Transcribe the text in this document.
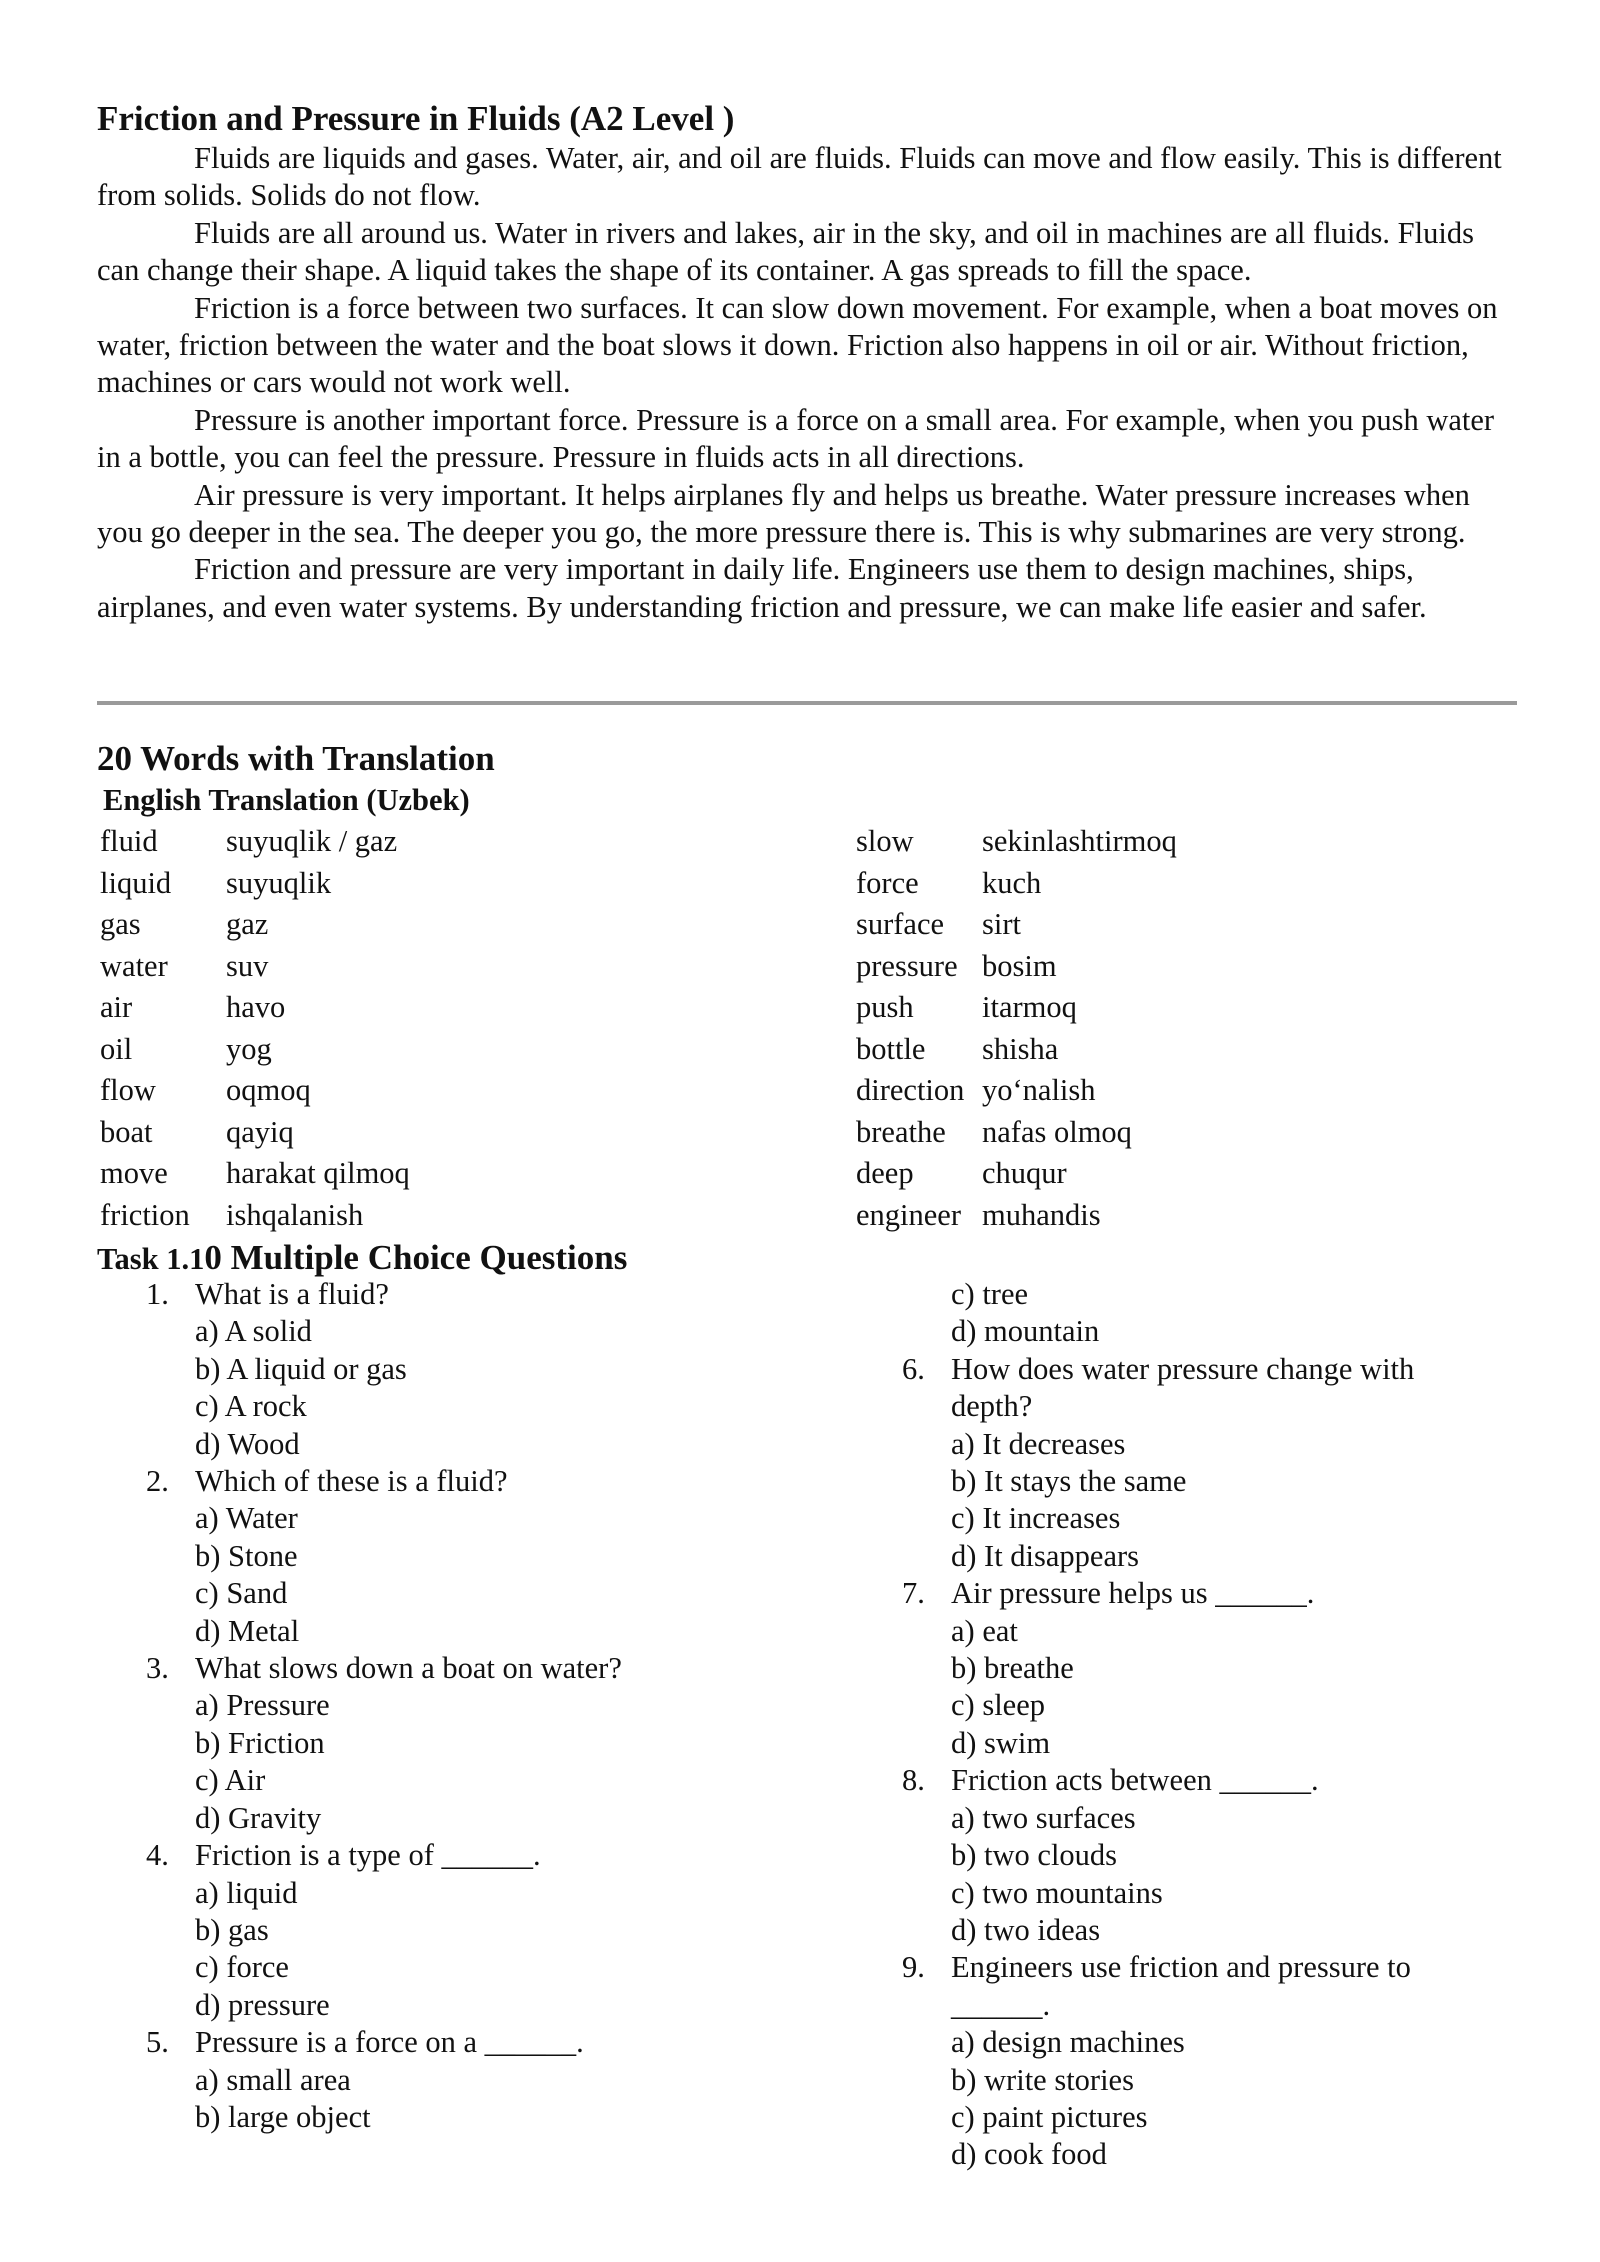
Friction and Pressure in Fluids (A2 Level )

Fluids are liquids and gases. Water, air, and oil are fluids. Fluids can move and flow easily. This is different from solids. Solids do not flow.

Fluids are all around us. Water in rivers and lakes, air in the sky, and oil in machines are all fluids. Fluids can change their shape. A liquid takes the shape of its container. A gas spreads to fill the space.

Friction is a force between two surfaces. It can slow down movement. For example, when a boat moves on water, friction between the water and the boat slows it down. Friction also happens in oil or air. Without friction, machines or cars would not work well.

Pressure is another important force. Pressure is a force on a small area. For example, when you push water in a bottle, you can feel the pressure. Pressure in fluids acts in all directions.

Air pressure is very important. It helps airplanes fly and helps us breathe. Water pressure increases when you go deeper in the sea. The deeper you go, the more pressure there is. This is why submarines are very strong.

Friction and pressure are very important in daily life. Engineers use them to design machines, ships, airplanes, and even water systems. By understanding friction and pressure, we can make life easier and safer.

20 Words with Translation
English Translation (Uzbek)
fluid suyuqlik / gaz
liquid suyuqlik
gas	gaz
water suv
air	havo
oil	yog
flow oqmoq
boat qayiq
move harakat qilmoq
friction ishqalanish
slow sekinlashtirmoq
force kuch
surface sirt
pressure bosim
push itarmoq
bottle shisha
direction yo‘nalish
breathe nafas olmoq
deep chuqur
engineer muhandis
Task 1.10 Multiple Choice Questions
1. What is a fluid?
a) A solid
b) A liquid or gas
c) A rock
d) Wood
2. Which of these is a fluid?
a) Water
b) Stone
c) Sand
d) Metal
3. What slows down a boat on water?
a) Pressure
b) Friction
c) Air
d) Gravity
4. Friction is a type of ______.
a) liquid
b) gas
c) force
d) pressure
5. Pressure is a force on a ______.
a) small area
b) large object
c) tree
d) mountain
6. How does water pressure change with depth?
a) It decreases
b) It stays the same
c) It increases
d) It disappears
7. Air pressure helps us ______.
a) eat
b) breathe
c) sleep
d) swim
8. Friction acts between ______.
a) two surfaces
b) two clouds
c) two mountains
d) two ideas
9. Engineers use friction and pressure to ______.
a) design machines
b) write stories
c) paint pictures
d) cook food
